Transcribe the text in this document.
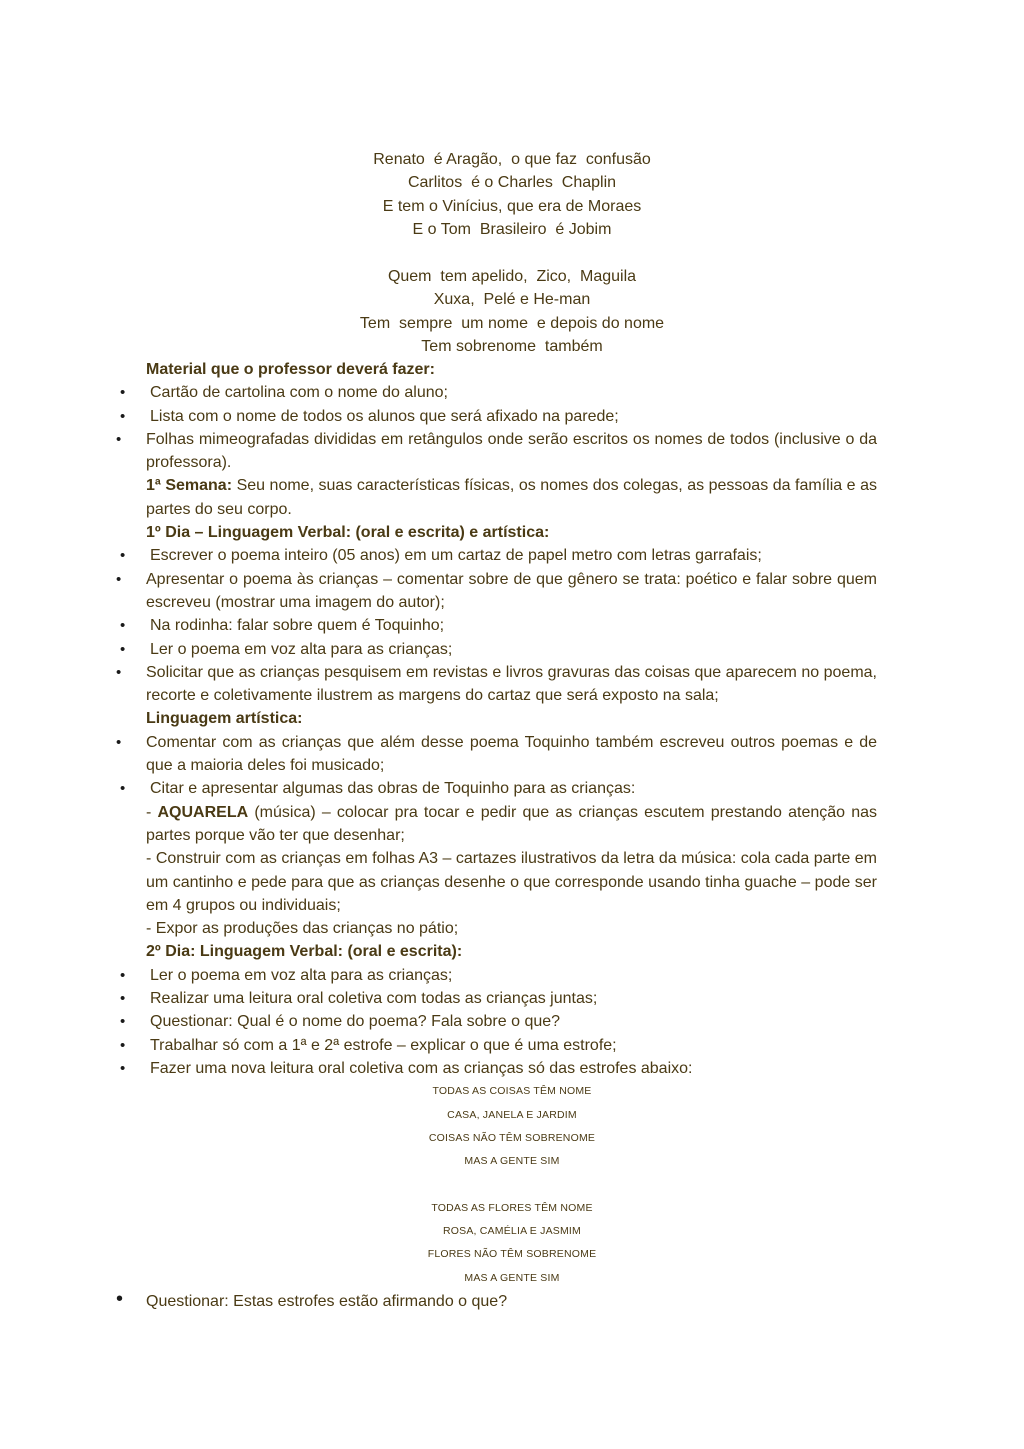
Renato  é Aragão,  o que faz  confusão
Carlitos  é o Charles  Chaplin
E tem o Vinícius, que era de Moraes
E o Tom  Brasileiro  é Jobim
Quem  tem apelido,  Zico,  Maguila
Xuxa,  Pelé e He-man
Tem  sempre  um nome  e depois do nome
Tem sobrenome  também

Material que o professor deverá fazer:

• Cartão de cartolina com o nome do aluno;

• Lista com o nome de todos os alunos que será afixado na parede;

• Folhas mimeografadas divididas em retângulos onde serão escritos os nomes de todos (inclusive o da professora).

1ª Semana: Seu nome, suas características físicas, os nomes dos colegas, as pessoas da família e as partes do seu corpo.

1º Dia – Linguagem Verbal: (oral e escrita) e artística:

• Escrever o poema inteiro (05 anos) em um cartaz de papel metro com letras garrafais;

• Apresentar o poema às crianças – comentar sobre de que gênero se trata: poético e falar sobre quem escreveu (mostrar uma imagem do autor);

• Na rodinha: falar sobre quem é Toquinho;

• Ler o poema em voz alta para as crianças;

• Solicitar que as crianças pesquisem em revistas e livros gravuras das coisas que aparecem no poema, recorte e coletivamente ilustrem as margens do cartaz que será exposto na sala;

Linguagem artística:

• Comentar com as crianças que além desse poema Toquinho também escreveu outros poemas e de que a maioria deles foi musicado;

• Citar e apresentar algumas das obras de Toquinho para as crianças:

- AQUARELA (música) – colocar pra tocar e pedir que as crianças escutem prestando atenção nas partes porque vão ter que desenhar;

- Construir com as crianças em folhas A3 – cartazes ilustrativos da letra da música: cola cada parte em um cantinho e pede para que as crianças desenhe o que corresponde usando tinha guache – pode ser em 4 grupos ou individuais;

- Expor as produções das crianças no pátio;

2º Dia: Linguagem Verbal: (oral e escrita):

• Ler o poema em voz alta para as crianças;

• Realizar uma leitura oral coletiva com todas as crianças juntas;

• Questionar: Qual é o nome do poema? Fala sobre o que?

• Trabalhar só com a 1ª e 2ª estrofe – explicar o que é uma estrofe;

• Fazer uma nova leitura oral coletiva com as crianças só das estrofes abaixo:

TODAS AS COISAS TÊM NOME
CASA, JANELA E JARDIM
COISAS NÃO TÊM SOBRENOME
MAS A GENTE SIM
TODAS AS FLORES TÊM NOME
ROSA, CAMÉLIA E JASMIM
FLORES NÃO TÊM SOBRENOME
MAS A GENTE SIM

• Questionar: Estas estrofes estão afirmando o que?
